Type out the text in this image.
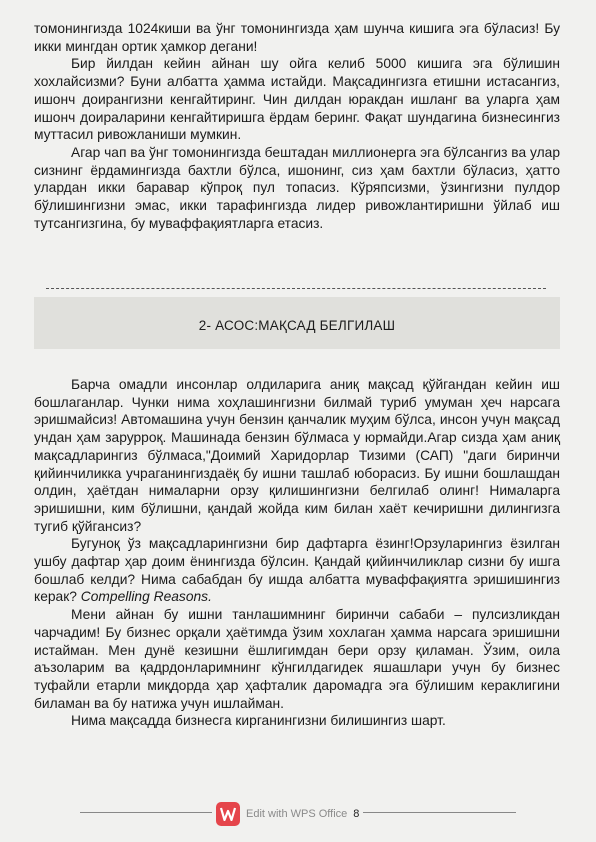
томонингизда 1024киши ва ўнг томонингизда ҳам шунча кишига эга бўласиз! Бу икки мингдан ортик ҳамкор дегани!
Бир йилдан кейин айнан шу ойга келиб 5000 кишига эга бўлишин хохлайсизми? Буни албатта ҳамма истайди. Мақсадингизга етишни истасангиз, ишонч доирангизни кенгайтиринг. Чин дилдан юракдан ишланг ва уларга ҳам ишонч доираларини кенгайтиришга ёрдам беринг. Фақат шундагина бизнесингиз муттасил ривожланиши мумкин.
Агар чап ва ўнг томонингизда бештадан миллионерга эга бўлсангиз ва улар сизнинг ёрдамингизда бахтли бўлса, ишонинг, сиз ҳам бахтли бўласиз, ҳатто улардан икки баравар кўпроқ пул топасиз. Кўряпсизми, ўзингизни пулдор бўлишингизни эмас, икки тарафингизда лидер ривожлантиришни ўйлаб иш тутсангизгина, бу муваффақиятларга етасиз.
2- АСОС:МАҚСАД БЕЛГИЛАШ
Барча омадли инсонлар олдиларига аниқ мақсад қўйгандан кейин иш бошлаганлар. Чунки нима хоҳлашингизни билмай туриб умуман ҳеч нарсага эришмайсиз! Автомашина учун бензин қанчалик муҳим бўлса, инсон учун мақсад ундан ҳам зарурроқ. Машинада бензин бўлмаса у юрмайди.Агар сизда ҳам аниқ мақсадларингиз бўлмаса,"Доимий Харидорлар Тизими (САП) "даги биринчи қийинчиликка учраганингиздаёқ бу ишни ташлаб юборасиз. Бу ишни бошлашдан олдин, ҳаётдан нималарни орзу қилишингизни белгилаб олинг! Нималарга эришишни, ким бўлишни, қандай жойда ким билан хаёт кечиришни дилингизга тугиб қўйгансиз?
Бугуноқ ўз мақсадларингизни бир дафтарга ёзинг!Орзуларингиз ёзилган ушбу дафтар ҳар доим ёнингизда бўлсин. Қандай қийинчиликлар сизни бу ишга бошлаб келди? Нима сабабдан бу ишда албатта муваффақиятга эришишингиз керак? Compelling Reasons.
Мени айнан бу ишни танлашимнинг биринчи сабаби – пулсизликдан чарчадим! Бу бизнес орқали ҳаётимда ўзим хохлаган ҳамма нарсага эришишни истайман. Мен дунё кезишни ёшлигимдан бери орзу қиламан. Ўзим, оила аъзоларим ва қадрдонларимнинг кўнгилдагидек яшашлари учун бу бизнес туфайли етарли миқдорда ҳар ҳафталик даромадга эга бўлишим кераклигини биламан ва бу натижа учун ишлайман.
Нима мақсадда бизнесга кирганингизни билишингиз шарт.
Edit with WPS Office 8
